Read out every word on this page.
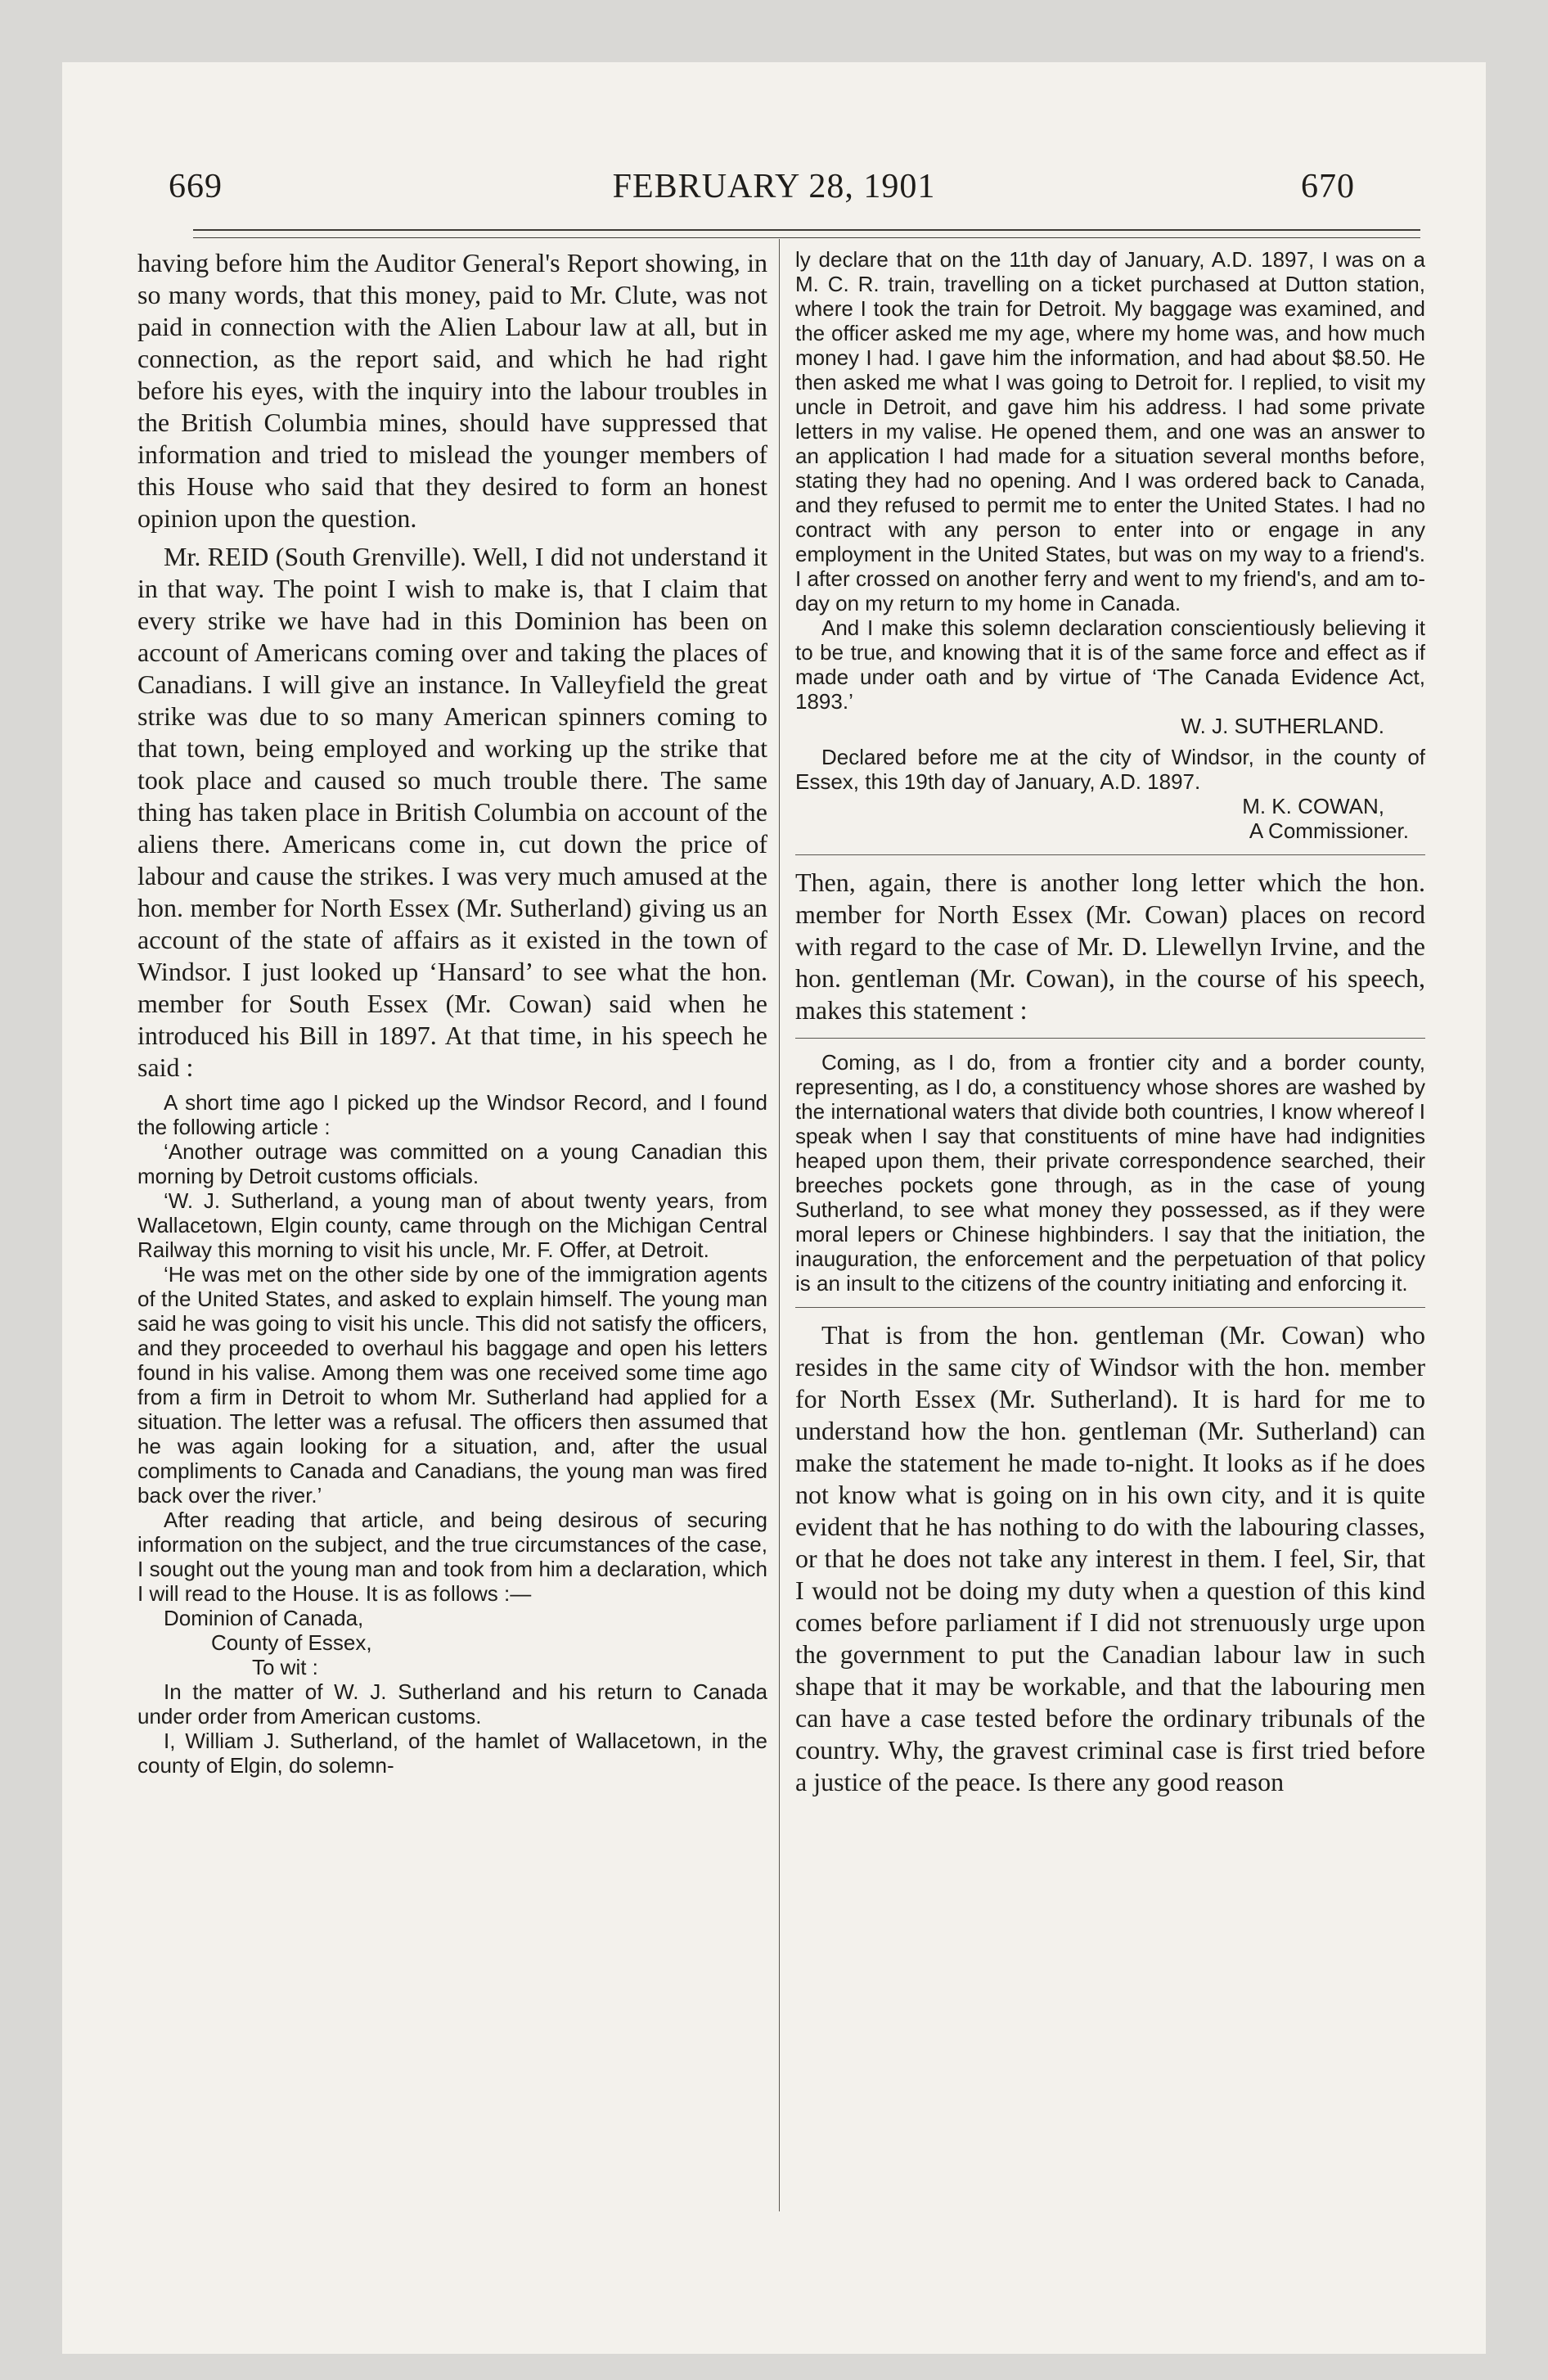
669	FEBRUARY 28, 1901	670

having before him the Auditor General's Report showing, in so many words, that this money, paid to Mr. Clute, was not paid in connection with the Alien Labour law at all, but in connection, as the report said, and which he had right before his eyes, with the inquiry into the labour troubles in the British Columbia mines, should have suppressed that information and tried to mislead the younger members of this House who said that they desired to form an honest opinion upon the question.

Mr. REID (South Grenville). Well, I did not understand it in that way. The point I wish to make is, that I claim that every strike we have had in this Dominion has been on account of Americans coming over and taking the places of Canadians. I will give an instance. In Valleyfield the great strike was due to so many American spinners coming to that town, being employed and working up the strike that took place and caused so much trouble there. The same thing has taken place in British Columbia on account of the aliens there. Americans come in, cut down the price of labour and cause the strikes. I was very much amused at the hon. member for North Essex (Mr. Sutherland) giving us an account of the state of affairs as it existed in the town of Windsor. I just looked up ‘Hansard’ to see what the hon. member for South Essex (Mr. Cowan) said when he introduced his Bill in 1897. At that time, in his speech he said :

A short time ago I picked up the Windsor Record, and I found the following article :

‘Another outrage was committed on a young Canadian this morning by Detroit customs officials.

‘W. J. Sutherland, a young man of about twenty years, from Wallacetown, Elgin county, came through on the Michigan Central Railway this morning to visit his uncle, Mr. F. Offer, at Detroit.

‘He was met on the other side by one of the immigration agents of the United States, and asked to explain himself. The young man said he was going to visit his uncle. This did not satisfy the officers, and they proceeded to overhaul his baggage and open his letters found in his valise. Among them was one received some time ago from a firm in Detroit to whom Mr. Sutherland had applied for a situation. The letter was a refusal. The officers then assumed that he was again looking for a situation, and, after the usual compliments to Canada and Canadians, the young man was fired back over the river.’

After reading that article, and being desirous of securing information on the subject, and the true circumstances of the case, I sought out the young man and took from him a declaration, which I will read to the House. It is as follows :—

Dominion of Canada,

County of Essex,

To wit :

In the matter of W. J. Sutherland and his return to Canada under order from American customs.

I, William J. Sutherland, of the hamlet of Wallacetown, in the county of Elgin, do solemn-

ly declare that on the 11th day of January, A.D. 1897, I was on a M. C. R. train, travelling on a ticket purchased at Dutton station, where I took the train for Detroit. My baggage was examined, and the officer asked me my age, where my home was, and how much money I had. I gave him the information, and had about $8.50. He then asked me what I was going to Detroit for. I replied, to visit my uncle in Detroit, and gave him his address. I had some private letters in my valise. He opened them, and one was an answer to an application I had made for a situation several months before, stating they had no opening. And I was ordered back to Canada, and they refused to permit me to enter the United States. I had no contract with any person to enter into or engage in any employment in the United States, but was on my way to a friend's. I after crossed on another ferry and went to my friend's, and am to-day on my return to my home in Canada.

And I make this solemn declaration conscientiously believing it to be true, and knowing that it is of the same force and effect as if made under oath and by virtue of ‘The Canada Evidence Act, 1893.’

W. J. SUTHERLAND.

Declared before me at the city of Windsor, in the county of Essex, this 19th day of January, A.D. 1897.

M. K. COWAN,

A Commissioner.

Then, again, there is another long letter which the hon. member for North Essex (Mr. Cowan) places on record with regard to the case of Mr. D. Llewellyn Irvine, and the hon. gentleman (Mr. Cowan), in the course of his speech, makes this statement :

Coming, as I do, from a frontier city and a border county, representing, as I do, a constituency whose shores are washed by the international waters that divide both countries, I know whereof I speak when I say that constituents of mine have had indignities heaped upon them, their private correspondence searched, their breeches pockets gone through, as in the case of young Sutherland, to see what money they possessed, as if they were moral lepers or Chinese highbinders. I say that the initiation, the inauguration, the enforcement and the perpetuation of that policy is an insult to the citizens of the country initiating and enforcing it.

That is from the hon. gentleman (Mr. Cowan) who resides in the same city of Windsor with the hon. member for North Essex (Mr. Sutherland). It is hard for me to understand how the hon. gentleman (Mr. Sutherland) can make the statement he made to-night. It looks as if he does not know what is going on in his own city, and it is quite evident that he has nothing to do with the labouring classes, or that he does not take any interest in them. I feel, Sir, that I would not be doing my duty when a question of this kind comes before parliament if I did not strenuously urge upon the government to put the Canadian labour law in such shape that it may be workable, and that the labouring men can have a case tested before the ordinary tribunals of the country. Why, the gravest criminal case is first tried before a justice of the peace. Is there any good reason
